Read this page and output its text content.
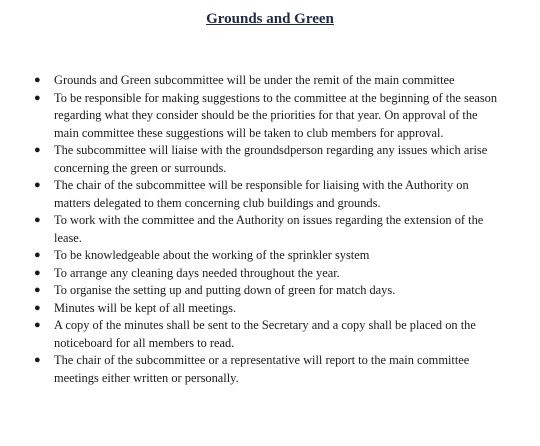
Grounds and Green
● Grounds and Green subcommittee will be under the remit of the main committee
● To be responsible for making suggestions to the committee at the beginning of the season regarding what they consider should be the priorities for that year. On approval of the main committee these suggestions will be taken to club members for approval.
● The subcommittee will liaise with the groundsdperson regarding any issues which arise concerning the green or surrounds.
● The chair of the subcommittee will be responsible for liaising with the Authority on matters delegated to them concerning club buildings and grounds.
● To work with the committee and the Authority on issues regarding the extension of the lease.
● To be knowledgeable about the working of the sprinkler system
● To arrange any cleaning days needed throughout the year.
● To organise the setting up and putting down of green for match days.
● Minutes will be kept of all meetings.
● A copy of the minutes shall be sent to the Secretary and a copy shall be placed on the noticeboard for all members to read.
● The chair of the subcommittee or a representative will report to the main committee meetings either written or personally.
